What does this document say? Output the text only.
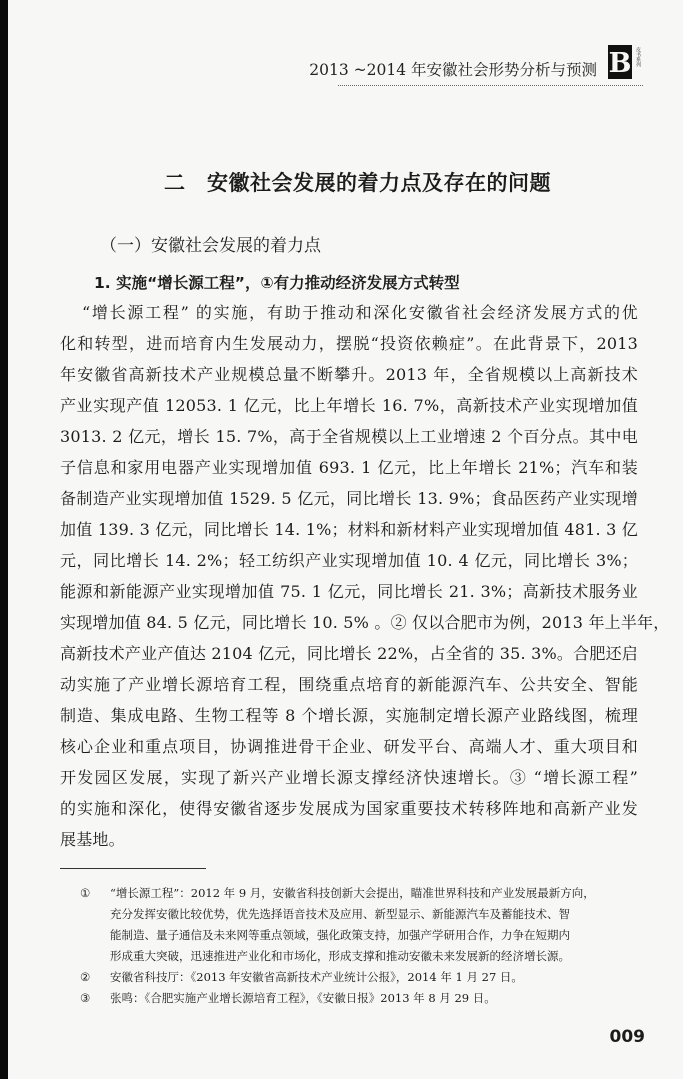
2013 ~2014 年安徽社会形势分析与预测 B 皮书系列
二　安徽社会发展的着力点及存在的问题
（一）安徽社会发展的着力点
1. 实施“增长源工程”，①有力推动经济发展方式转型
“增长源工程” 的实施，有助于推动和深化安徽省社会经济发展方式的优
化和转型，进而培育内生发展动力，摆脱“投资依赖症”。在此背景下，2013
年安徽省高新技术产业规模总量不断攀升。2013 年，全省规模以上高新技术
产业实现产值 12053. 1 亿元，比上年增长 16. 7%，高新技术产业实现增加值
3013. 2 亿元，增长 15. 7%，高于全省规模以上工业增速 2 个百分点。其中电
子信息和家用电器产业实现增加值 693. 1 亿元，比上年增长 21%；汽车和装
备制造产业实现增加值 1529. 5 亿元，同比增长 13. 9%；食品医药产业实现增
加值 139. 3 亿元，同比增长 14. 1%；材料和新材料产业实现增加值 481. 3 亿
元，同比增长 14. 2%；轻工纺织产业实现增加值 10. 4 亿元，同比增长 3%；
能源和新能源产业实现增加值 75. 1 亿元，同比增长 21. 3%；高新技术服务业
实现增加值 84. 5 亿元，同比增长 10. 5% 。② 仅以合肥市为例，2013 年上半年，
高新技术产业产值达 2104 亿元，同比增长 22%，占全省的 35. 3%。合肥还启
动实施了产业增长源培育工程，围绕重点培育的新能源汽车、公共安全、智能
制造、集成电路、生物工程等 8 个增长源，实施制定增长源产业路线图，梳理
核心企业和重点项目，协调推进骨干企业、研发平台、高端人才、重大项目和
开发园区发展，实现了新兴产业增长源支撑经济快速增长。③ “增长源工程”
的实施和深化，使得安徽省逐步发展成为国家重要技术转移阵地和高新产业发
展基地。
①	“增长源工程”：2012 年 9 月，安徽省科技创新大会提出，瞄准世界科技和产业发展最新方向，
充分发挥安徽比较优势，优先选择语音技术及应用、新型显示、新能源汽车及蓄能技术、智
能制造、量子通信及未来网等重点领域，强化政策支持，加强产学研用合作，力争在短期内
形成重大突破，迅速推进产业化和市场化，形成支撑和推动安徽未来发展新的经济增长源。
②	安徽省科技厅：《2013 年安徽省高新技术产业统计公报》，2014 年 1 月 27 日。
③	张鸣：《合肥实施产业增长源培育工程》，《安徽日报》2013 年 8 月 29 日。
009
